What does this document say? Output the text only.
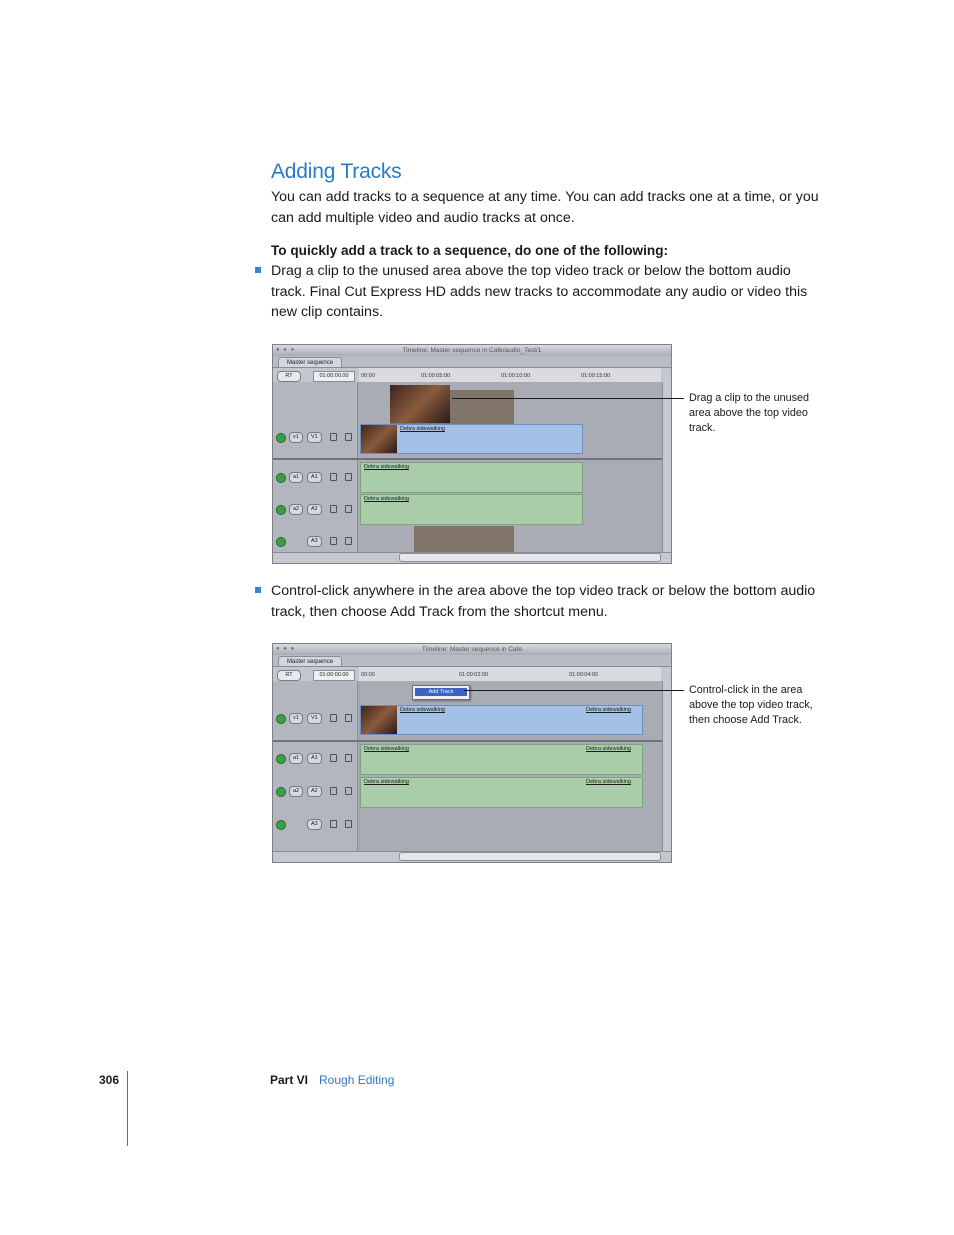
Adding Tracks
You can add tracks to a sequence at any time. You can add tracks one at a time, or you can add multiple video and audio tracks at once.
To quickly add a track to a sequence, do one of the following:
Drag a clip to the unused area above the top video track or below the bottom audio track. Final Cut Express HD adds new tracks to accommodate any audio or video this new clip contains.
● ● ●	Timeline: Master sequence in Cafe/audio_Test/1
Master sequence
RT	01:00:00.00	00:00	01:00:05:00	01:00:10:00	01:00:15:00
v1	V1
a1	A1
a2	A2
A3
Debra sidewalking
Debra sidewalking
Debra sidewalking
Drag a clip to the unused area above the top video track.
Control-click anywhere in the area above the top video track or below the bottom audio track, then choose Add Track from the shortcut menu.
● ● ●	Timeline: Master sequence in Cafe
Master sequence
RT	01:00:00.00	00:00	01:00:02:00	01:00:04:00
v1	V1
a1	A1
a2	A2
A3
Add Track
Debra sidewalking	Debra sidewalking
Debra sidewalking	Debra sidewalking
Debra sidewalking	Debra sidewalking
Control-click in the area above the top video track, then choose Add Track.
306	Part VI Rough Editing
